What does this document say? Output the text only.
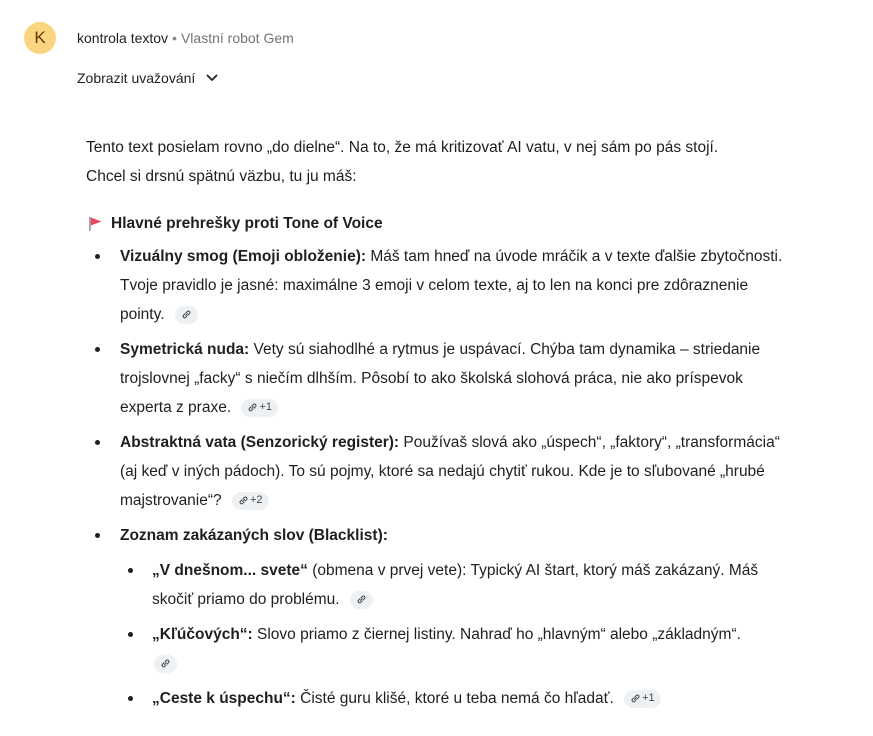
K	kontrola textov • Vlastní robot Gem
Zobrazit uvažování

Tento text posielam rovno „do dielne“. Na to, že má kritizovať AI vatu, v nej sám po pás stojí.
Chcel si drsnú spätnú väzbu, tu ju máš:

Hlavné prehrešky proti Tone of Voice
Vizuálny smog (Emoji obloženie): Máš tam hneď na úvode mráčik a v texte ďalšie zbytočnosti. Tvoje pravidlo je jasné: maximálne 3 emoji v celom texte, aj to len na konci pre zdôraznenie pointy.
Symetrická nuda: Vety sú siahodlhé a rytmus je uspávací. Chýba tam dynamika – striedanie trojslovnej „facky“ s niečím dlhším. Pôsobí to ako školská slohová práca, nie ako príspevok experta z praxe.	+1
Abstraktná vata (Senzorický register): Používaš slová ako „úspech“, „faktory“, „transformácia“ (aj keď v iných pádoch). To sú pojmy, ktoré sa nedajú chytiť rukou. Kde je to sľubované „hrubé majstrovanie“?	+2
Zoznam zakázaných slov (Blacklist):
„V dnešnom... svete“ (obmena v prvej vete): Typický AI štart, ktorý máš zakázaný. Máš skočiť priamo do problému.
„Kľúčových“: Slovo priamo z čiernej listiny. Nahraď ho „hlavným“ alebo „základným“.

„Ceste k úspechu“: Čisté guru klišé, ktoré u teba nemá čo hľadať.	+1
